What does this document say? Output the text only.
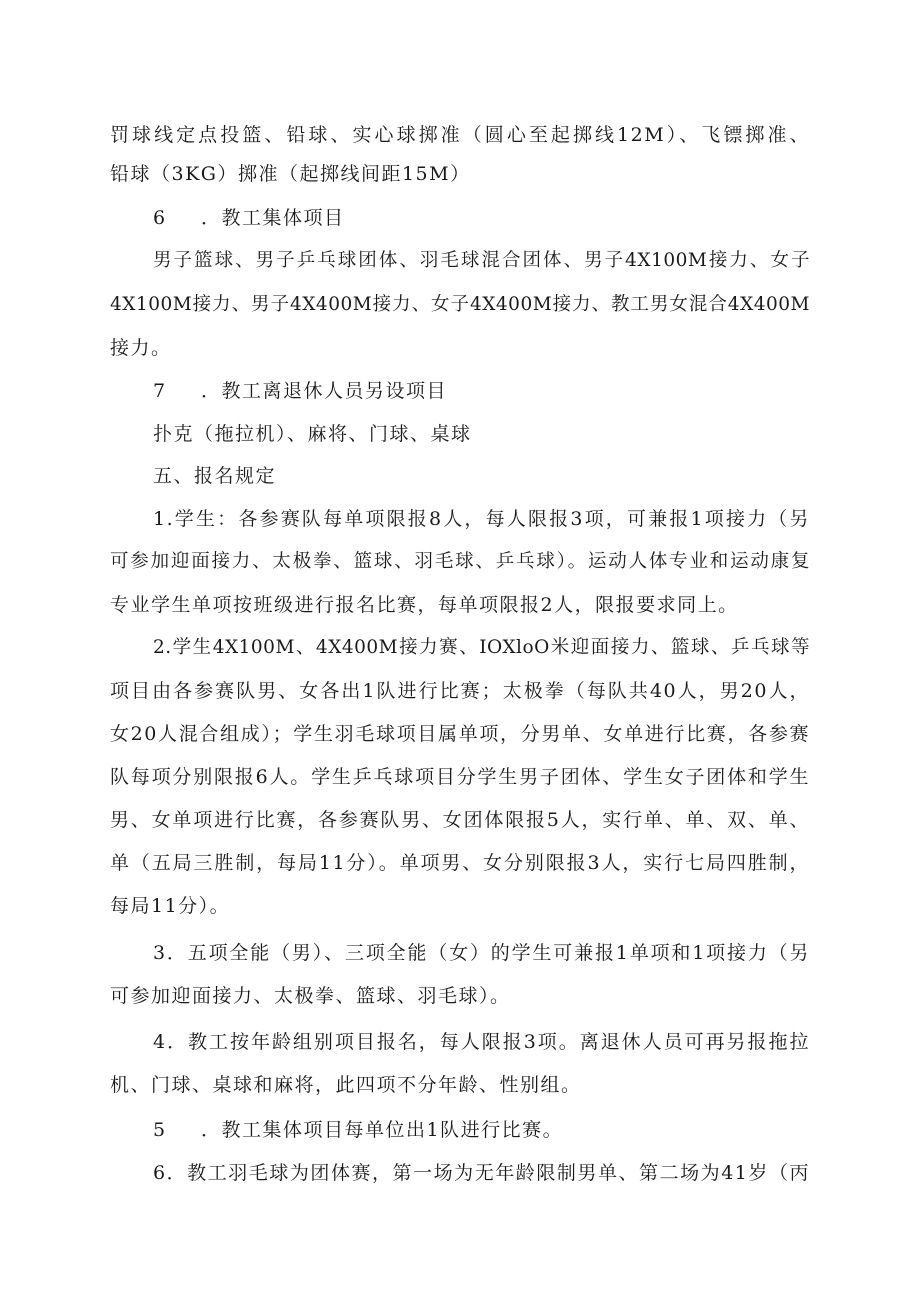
罚球线定点投篮、铅球、实心球掷准（圆心至起掷线12M）、飞镖掷准、
铅球（3KG）掷准（起掷线间距15M）
6 ．教工集体项目
男子篮球、男子乒乓球团体、羽毛球混合团体、男子4X100M接力、女子
4X100M接力、男子4X400M接力、女子4X400M接力、教工男女混合4X400M
接力。
7 ．教工离退休人员另设项目
扑克（拖拉机）、麻将、门球、桌球
五、报名规定
1.学生：各参赛队每单项限报8人，每人限报3项，可兼报1项接力（另
可参加迎面接力、太极拳、篮球、羽毛球、乒乓球）。运动人体专业和运动康复
专业学生单项按班级进行报名比赛，每单项限报2人，限报要求同上。
2.学生4X100M、4X400M接力赛、IOXloO米迎面接力、篮球、乒乓球等
项目由各参赛队男、女各出1队进行比赛；太极拳（每队共40人，男20人，
女20人混合组成）；学生羽毛球项目属单项，分男单、女单进行比赛，各参赛
队每项分别限报6人。学生乒乓球项目分学生男子团体、学生女子团体和学生
男、女单项进行比赛，各参赛队男、女团体限报5人，实行单、单、双、单、
单（五局三胜制，每局11分）。单项男、女分别限报3人，实行七局四胜制，
每局11分）。
3．五项全能（男）、三项全能（女）的学生可兼报1单项和1项接力（另
可参加迎面接力、太极拳、篮球、羽毛球）。
4．教工按年龄组别项目报名，每人限报3项。离退休人员可再另报拖拉
机、门球、桌球和麻将，此四项不分年龄、性别组。
5 ．教工集体项目每单位出1队进行比赛。
6．教工羽毛球为团体赛，第一场为无年龄限制男单、第二场为41岁（丙
